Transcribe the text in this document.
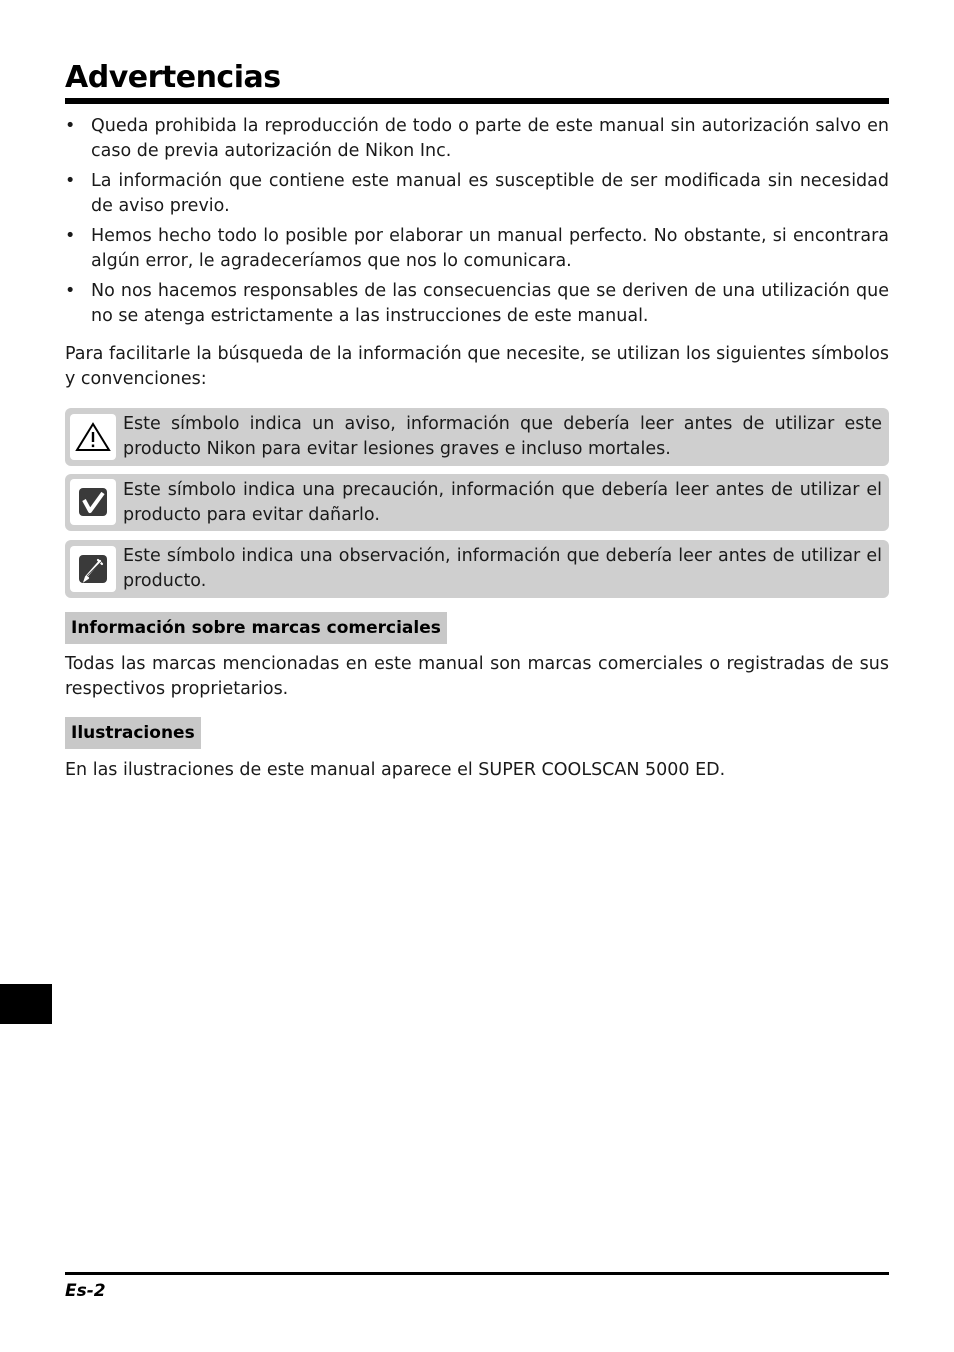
Advertencias
• Queda prohibida la reproducción de todo o parte de este manual sin autorización salvo en caso de previa autorización de Nikon Inc.
• La información que contiene este manual es susceptible de ser modificada sin necesidad de aviso previo.
• Hemos hecho todo lo posible por elaborar un manual perfecto. No obstante, si encontrara algún error, le agradeceríamos que nos lo comunicara.
• No nos hacemos responsables de las consecuencias que se deriven de una utilización que no se atenga estrictamente a las instrucciones de este manual.

Para facilitarle la búsqueda de la información que necesite, se utilizan los siguientes símbolos y convenciones:

Este símbolo indica un aviso, información que debería leer antes de utilizar este producto Nikon para evitar lesiones graves e incluso mortales.

Este símbolo indica una precaución, información que debería leer antes de utilizar el producto para evitar dañarlo.

Este símbolo indica una observación, información que debería leer antes de utilizar el producto.

Información sobre marcas comerciales

Todas las marcas mencionadas en este manual son marcas comerciales o registradas de sus respectivos proprietarios.

Ilustraciones

En las ilustraciones de este manual aparece el SUPER COOLSCAN 5000 ED.

Es-2
